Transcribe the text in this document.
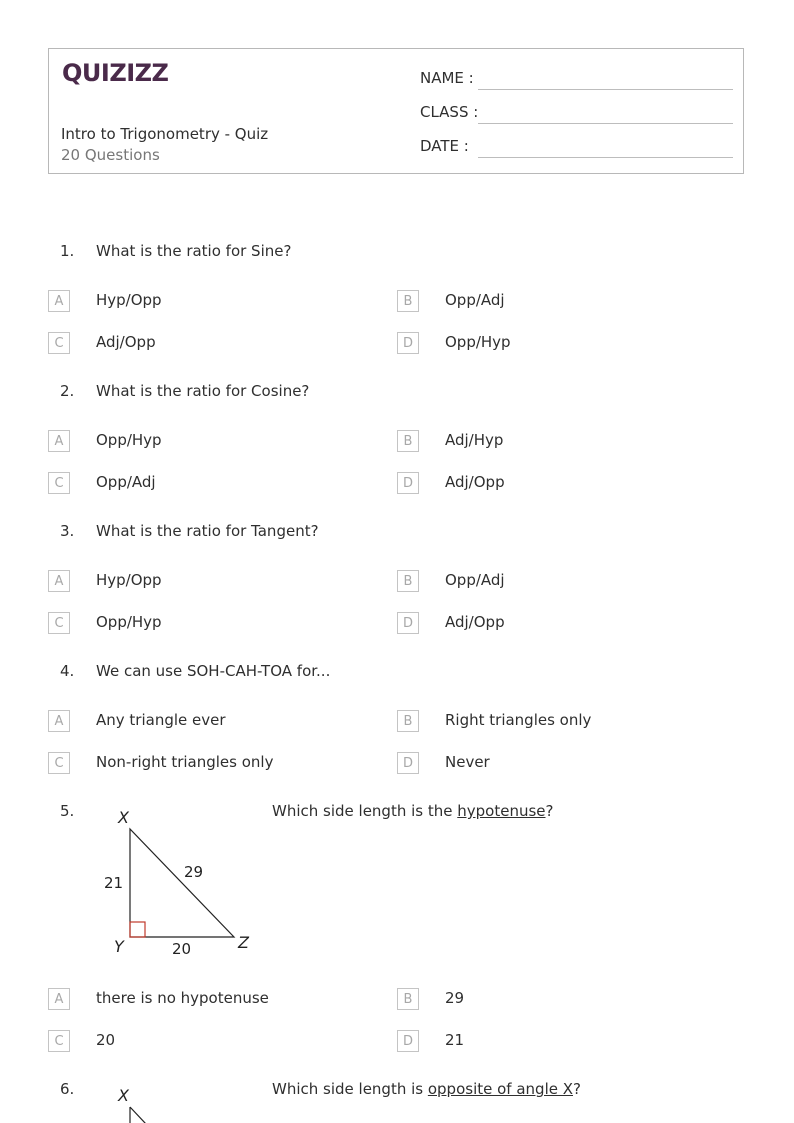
QUIZIZZ
Intro to Trigonometry - Quiz
20 Questions
NAME :
CLASS :
DATE :
1. What is the ratio for Sine?
A	Hyp/Opp	B	Opp/Adj
C	Adj/Opp	D	Opp/Hyp
2. What is the ratio for Cosine?
A	Opp/Hyp	B	Adj/Hyp
C	Opp/Adj	D	Adj/Opp
3. What is the ratio for Tangent?
A	Hyp/Opp	B	Opp/Adj
C	Opp/Hyp	D	Adj/Opp
4. We can use SOH-CAH-TOA for...
A	Any triangle ever	B	Right triangles only
C	Non-right triangles only	D	Never
5.	X
Y	Z
21
20
29
Which side length is the hypotenuse?
A	there is no hypotenuse	B	29
C	20	D	21
6.	X	Which side length is opposite of angle X?
